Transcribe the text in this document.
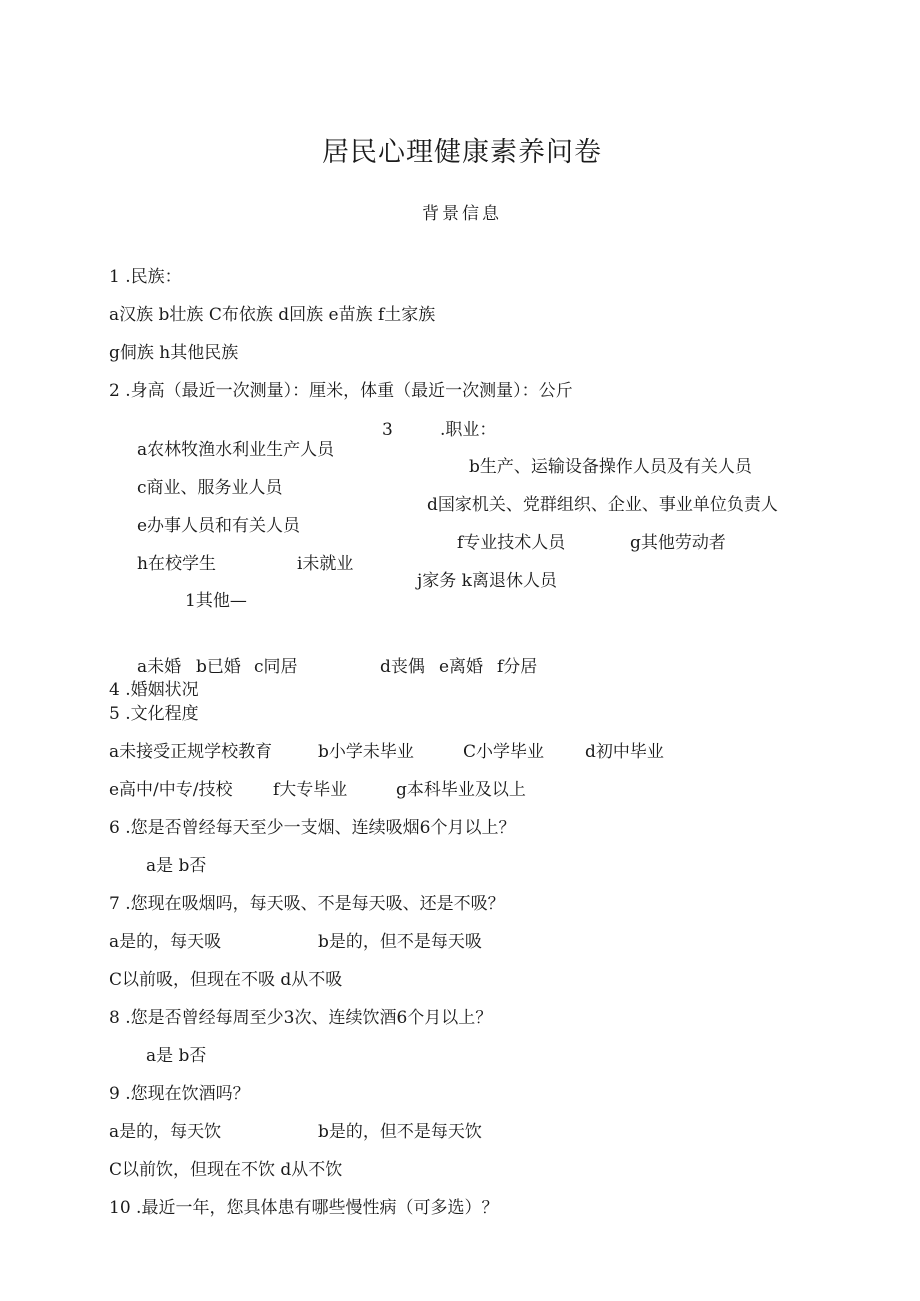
居民心理健康素养问卷
背景信息
1 .民族：
a汉族 b壮族 C布依族 d回族 e苗族 f土家族
g侗族 h其他民族
2 .身高（最近一次测量）：厘米，体重（最近一次测量）：公斤
3	.职业：
a农林牧渔水利业生产人员
b生产、运输设备操作人员及有关人员
c商业、服务业人员
d国家机关、党群组织、企业、事业单位负责人
e办事人员和有关人员
f专业技术人员	g其他劳动者
h在校学生	i未就业
j家务 k离退休人员
1其他—
a未婚 b已婚 c同居	d丧偶 e离婚 f分居
4 .婚姻状况
5 .文化程度
a未接受正规学校教育	b小学未毕业	C小学毕业 d初中毕业
e高中/中专/技校 f大专毕业	g本科毕业及以上
6 .您是否曾经每天至少一支烟、连续吸烟6个月以上？
a是 b否
7 .您现在吸烟吗，每天吸、不是每天吸、还是不吸？
a是的，每天吸	b是的，但不是每天吸
C以前吸，但现在不吸 d从不吸
8 .您是否曾经每周至少3次、连续饮酒6个月以上？
a是 b否
9 .您现在饮酒吗？
a是的，每天饮	b是的，但不是每天饮
C以前饮，但现在不饮 d从不饮
10 .最近一年，您具体患有哪些慢性病（可多选）？
